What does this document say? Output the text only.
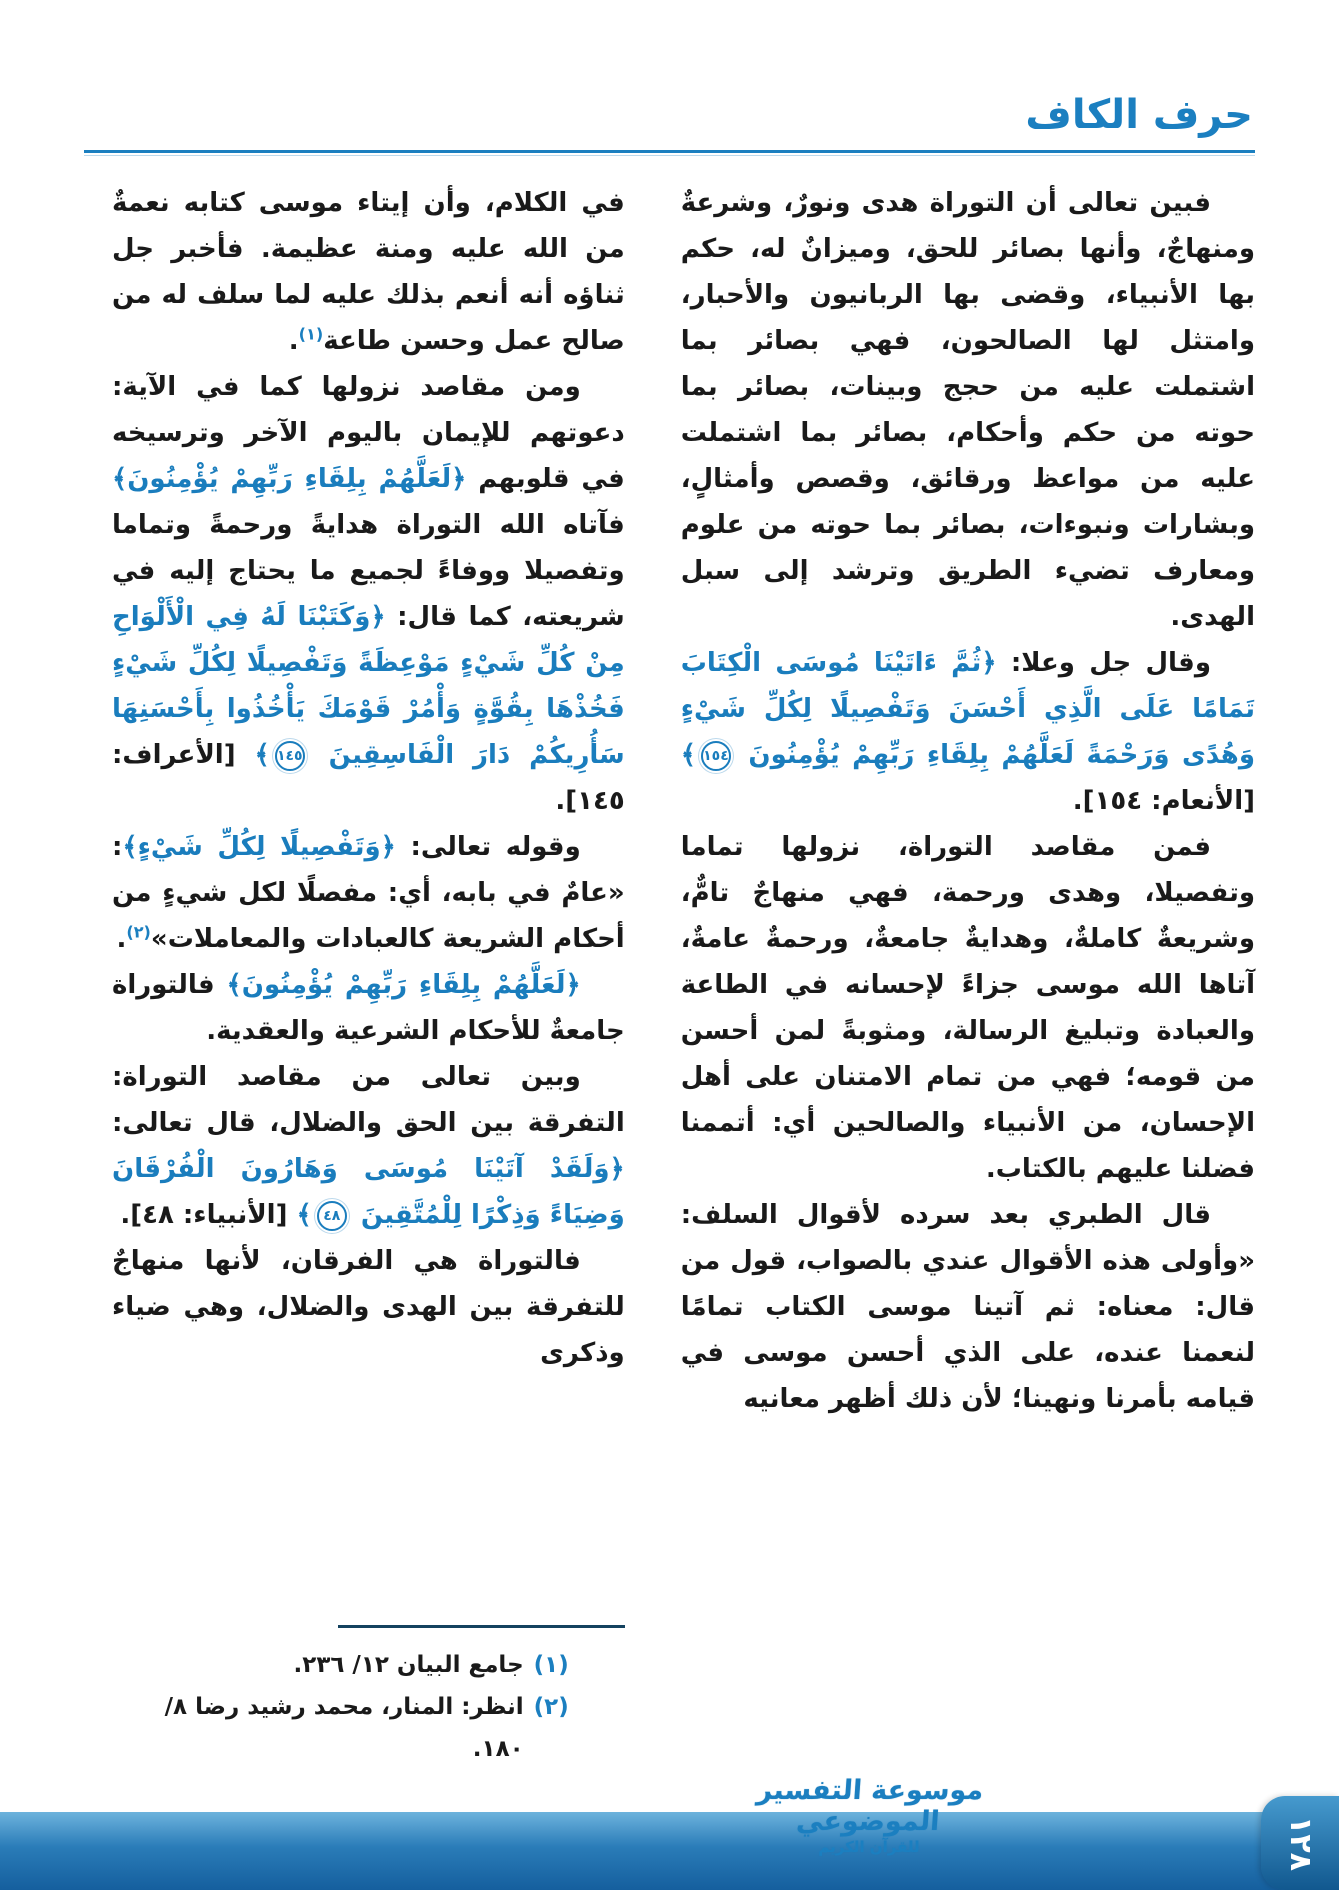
حرف الكاف

فبين تعالى أن التوراة هدى ونورٌ، وشرعةٌ ومنهاجٌ، وأنها بصائر للحق، وميزانٌ له، حكم بها الأنبياء، وقضى بها الربانيون والأحبار، وامتثل لها الصالحون، فهي بصائر بما اشتملت عليه من حجج وبينات، بصائر بما حوته من حكم وأحكام، بصائر بما اشتملت عليه من مواعظ ورقائق، وقصص وأمثالٍ، وبشارات ونبوءات، بصائر بما حوته من علوم ومعارف تضيء الطريق وترشد إلى سبل الهدى.

وقال جل وعلا: ﴿ثُمَّ ءَاتَيْنَا مُوسَى الْكِتَابَ تَمَامًا عَلَى الَّذِي أَحْسَنَ وَتَفْصِيلًا لِكُلِّ شَيْءٍ وَهُدًى وَرَحْمَةً لَعَلَّهُمْ بِلِقَاءِ رَبِّهِمْ يُؤْمِنُونَ ١٥٤﴾ [الأنعام: ١٥٤].

فمن مقاصد التوراة، نزولها تماما وتفصيلا، وهدى ورحمة، فهي منهاجٌ تامٌّ، وشريعةٌ كاملةٌ، وهدايةٌ جامعةٌ، ورحمةٌ عامةٌ، آتاها الله موسى جزاءً لإحسانه في الطاعة والعبادة وتبليغ الرسالة، ومثوبةً لمن أحسن من قومه؛ فهي من تمام الامتنان على أهل الإحسان، من الأنبياء والصالحين أي: أتممنا فضلنا عليهم بالكتاب.

قال الطبري بعد سرده لأقوال السلف: «وأولى هذه الأقوال عندي بالصواب، قول من قال: معناه: ثم آتينا موسى الكتاب تمامًا لنعمنا عنده، على الذي أحسن موسى في قيامه بأمرنا ونهينا؛ لأن ذلك أظهر معانيه

في الكلام، وأن إيتاء موسى كتابه نعمةٌ من الله عليه ومنة عظيمة. فأخبر جل ثناؤه أنه أنعم بذلك عليه لما سلف له من صالح عمل وحسن طاعة$^{(١)}$.

ومن مقاصد نزولها كما في الآية: دعوتهم للإيمان باليوم الآخر وترسيخه في قلوبهم ﴿لَعَلَّهُمْ بِلِقَاءِ رَبِّهِمْ يُؤْمِنُونَ﴾ فآتاه الله التوراة هدايةً ورحمةً وتماما وتفصيلا ووفاءً لجميع ما يحتاج إليه في شريعته، كما قال: ﴿وَكَتَبْنَا لَهُ فِي الْأَلْوَاحِ مِنْ كُلِّ شَيْءٍ مَوْعِظَةً وَتَفْصِيلًا لِكُلِّ شَيْءٍ فَخُذْهَا بِقُوَّةٍ وَأْمُرْ قَوْمَكَ يَأْخُذُوا بِأَحْسَنِهَا سَأُرِيكُمْ دَارَ الْفَاسِقِينَ ١٤٥﴾ [الأعراف: ١٤٥].

وقوله تعالى: ﴿وَتَفْصِيلًا لِكُلِّ شَيْءٍ﴾: «عامٌ في بابه، أي: مفصلًا لكل شيءٍ من أحكام الشريعة كالعبادات والمعاملات»$^{(٢)}$.

﴿لَعَلَّهُمْ بِلِقَاءِ رَبِّهِمْ يُؤْمِنُونَ﴾ فالتوراة جامعةٌ للأحكام الشرعية والعقدية.

وبين تعالى من مقاصد التوراة: التفرقة بين الحق والضلال، قال تعالى: ﴿وَلَقَدْ آتَيْنَا مُوسَى وَهَارُونَ الْفُرْقَانَ وَضِيَاءً وَذِكْرًا لِلْمُتَّقِينَ ٤٨﴾ [الأنبياء: ٤٨].

فالتوراة هي الفرقان، لأنها منهاجٌ للتفرقة بين الهدى والضلال، وهي ضياء وذكرى

(١)
جامع البيان ١٢/ ٢٣٦.
(٢)
انظر: المنار، محمد رشيد رضا ٨/ ١٨٠.
موسوعة التفسير الموضوعي
للقرآن الكريم	١٢٨
